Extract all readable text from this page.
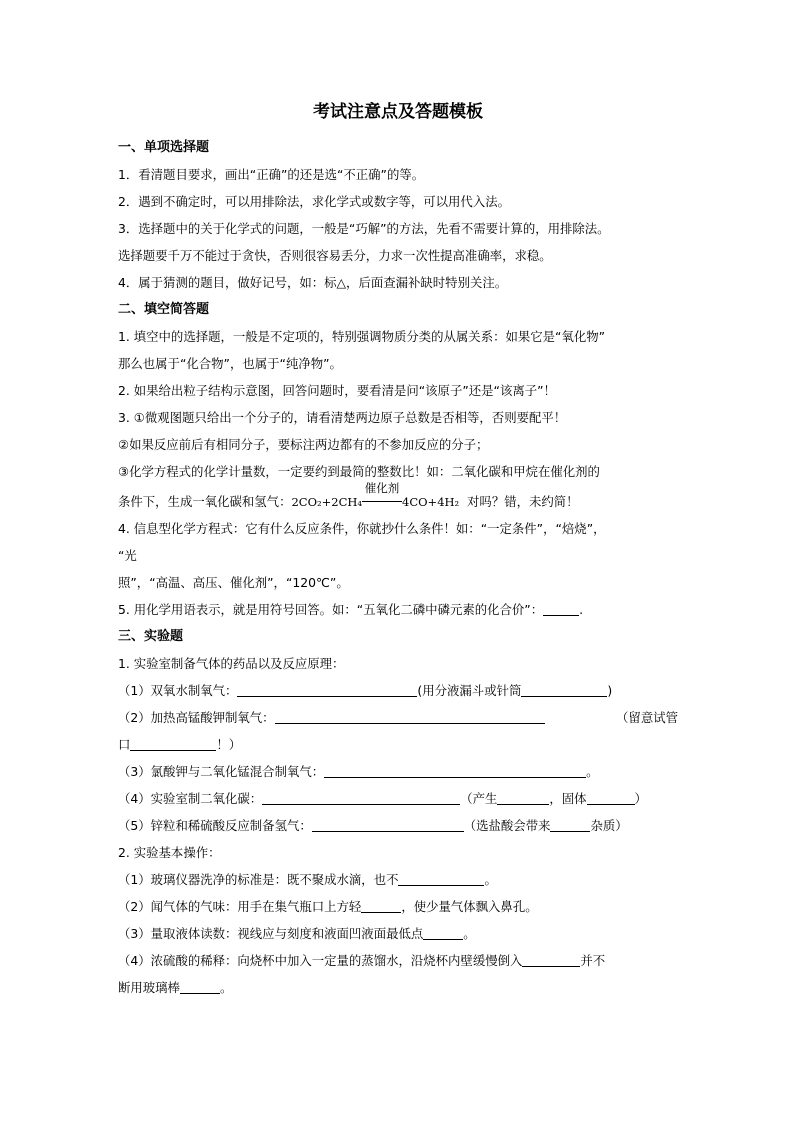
考试注意点及答题模板
一、单项选择题
1．看清题目要求，画出“正确”的还是选“不正确”的等。
2．遇到不确定时，可以用排除法，求化学式或数字等，可以用代入法。
3．选择题中的关于化学式的问题，一般是“巧解”的方法，先看不需要计算的，用排除法。
选择题要千万不能过于贪快，否则很容易丢分，力求一次性提高准确率，求稳。
4．属于猜测的题目，做好记号，如：标△，后面查漏补缺时特别关注。
二、填空简答题
1. 填空中的选择题，一般是不定项的，特别强调物质分类的从属关系：如果它是“氧化物”
那么也属于“化合物”，也属于“纯净物”。
2. 如果给出粒子结构示意图，回答问题时，要看清是问“该原子”还是“该离子”！
3. ①微观图题只给出一个分子的，请看清楚两边原子总数是否相等，否则要配平！
②如果反应前后有相同分子，要标注两边都有的不参加反应的分子；
③化学方程式的化学计量数，一定要约到最简的整数比！如：二氧化碳和甲烷在催化剂的
条件下，生成一氧化碳和氢气：2CO₂+2CH₄
催化剂
4CO+4H₂ 对吗？错，未约简！
4. 信息型化学方程式：它有什么反应条件，你就抄什么条件！如：“一定条件”，“焙烧”，
“光
照”，“高温、高压、催化剂”，“120℃”。
5. 用化学用语表示，就是用符号回答。如：“五氧化二磷中磷元素的化合价”：	.
三、实验题
1. 实验室制备气体的药品以及反应原理：
（1）双氧水制氧气：	(用分液漏斗或针筒	)
（2）加热高锰酸钾制氧气：	（留意试管
口	！）
（3）氯酸钾与二氧化锰混合制氧气：	。
（4）实验室制二氧化碳：	（产生	，固体	）
（5）锌粒和稀硫酸反应制备氢气：	（选盐酸会带来	杂质）
2. 实验基本操作：
（1）玻璃仪器洗净的标准是：既不聚成水滴，也不	。
（2）闻气体的气味：用手在集气瓶口上方轻	，使少量气体飘入鼻孔。
（3）量取液体读数：视线应与刻度和液面凹液面最低点	。
（4）浓硫酸的稀释：向烧杯中加入一定量的蒸馏水，沿烧杯内壁缓慢倒入	并不
断用玻璃棒	。
